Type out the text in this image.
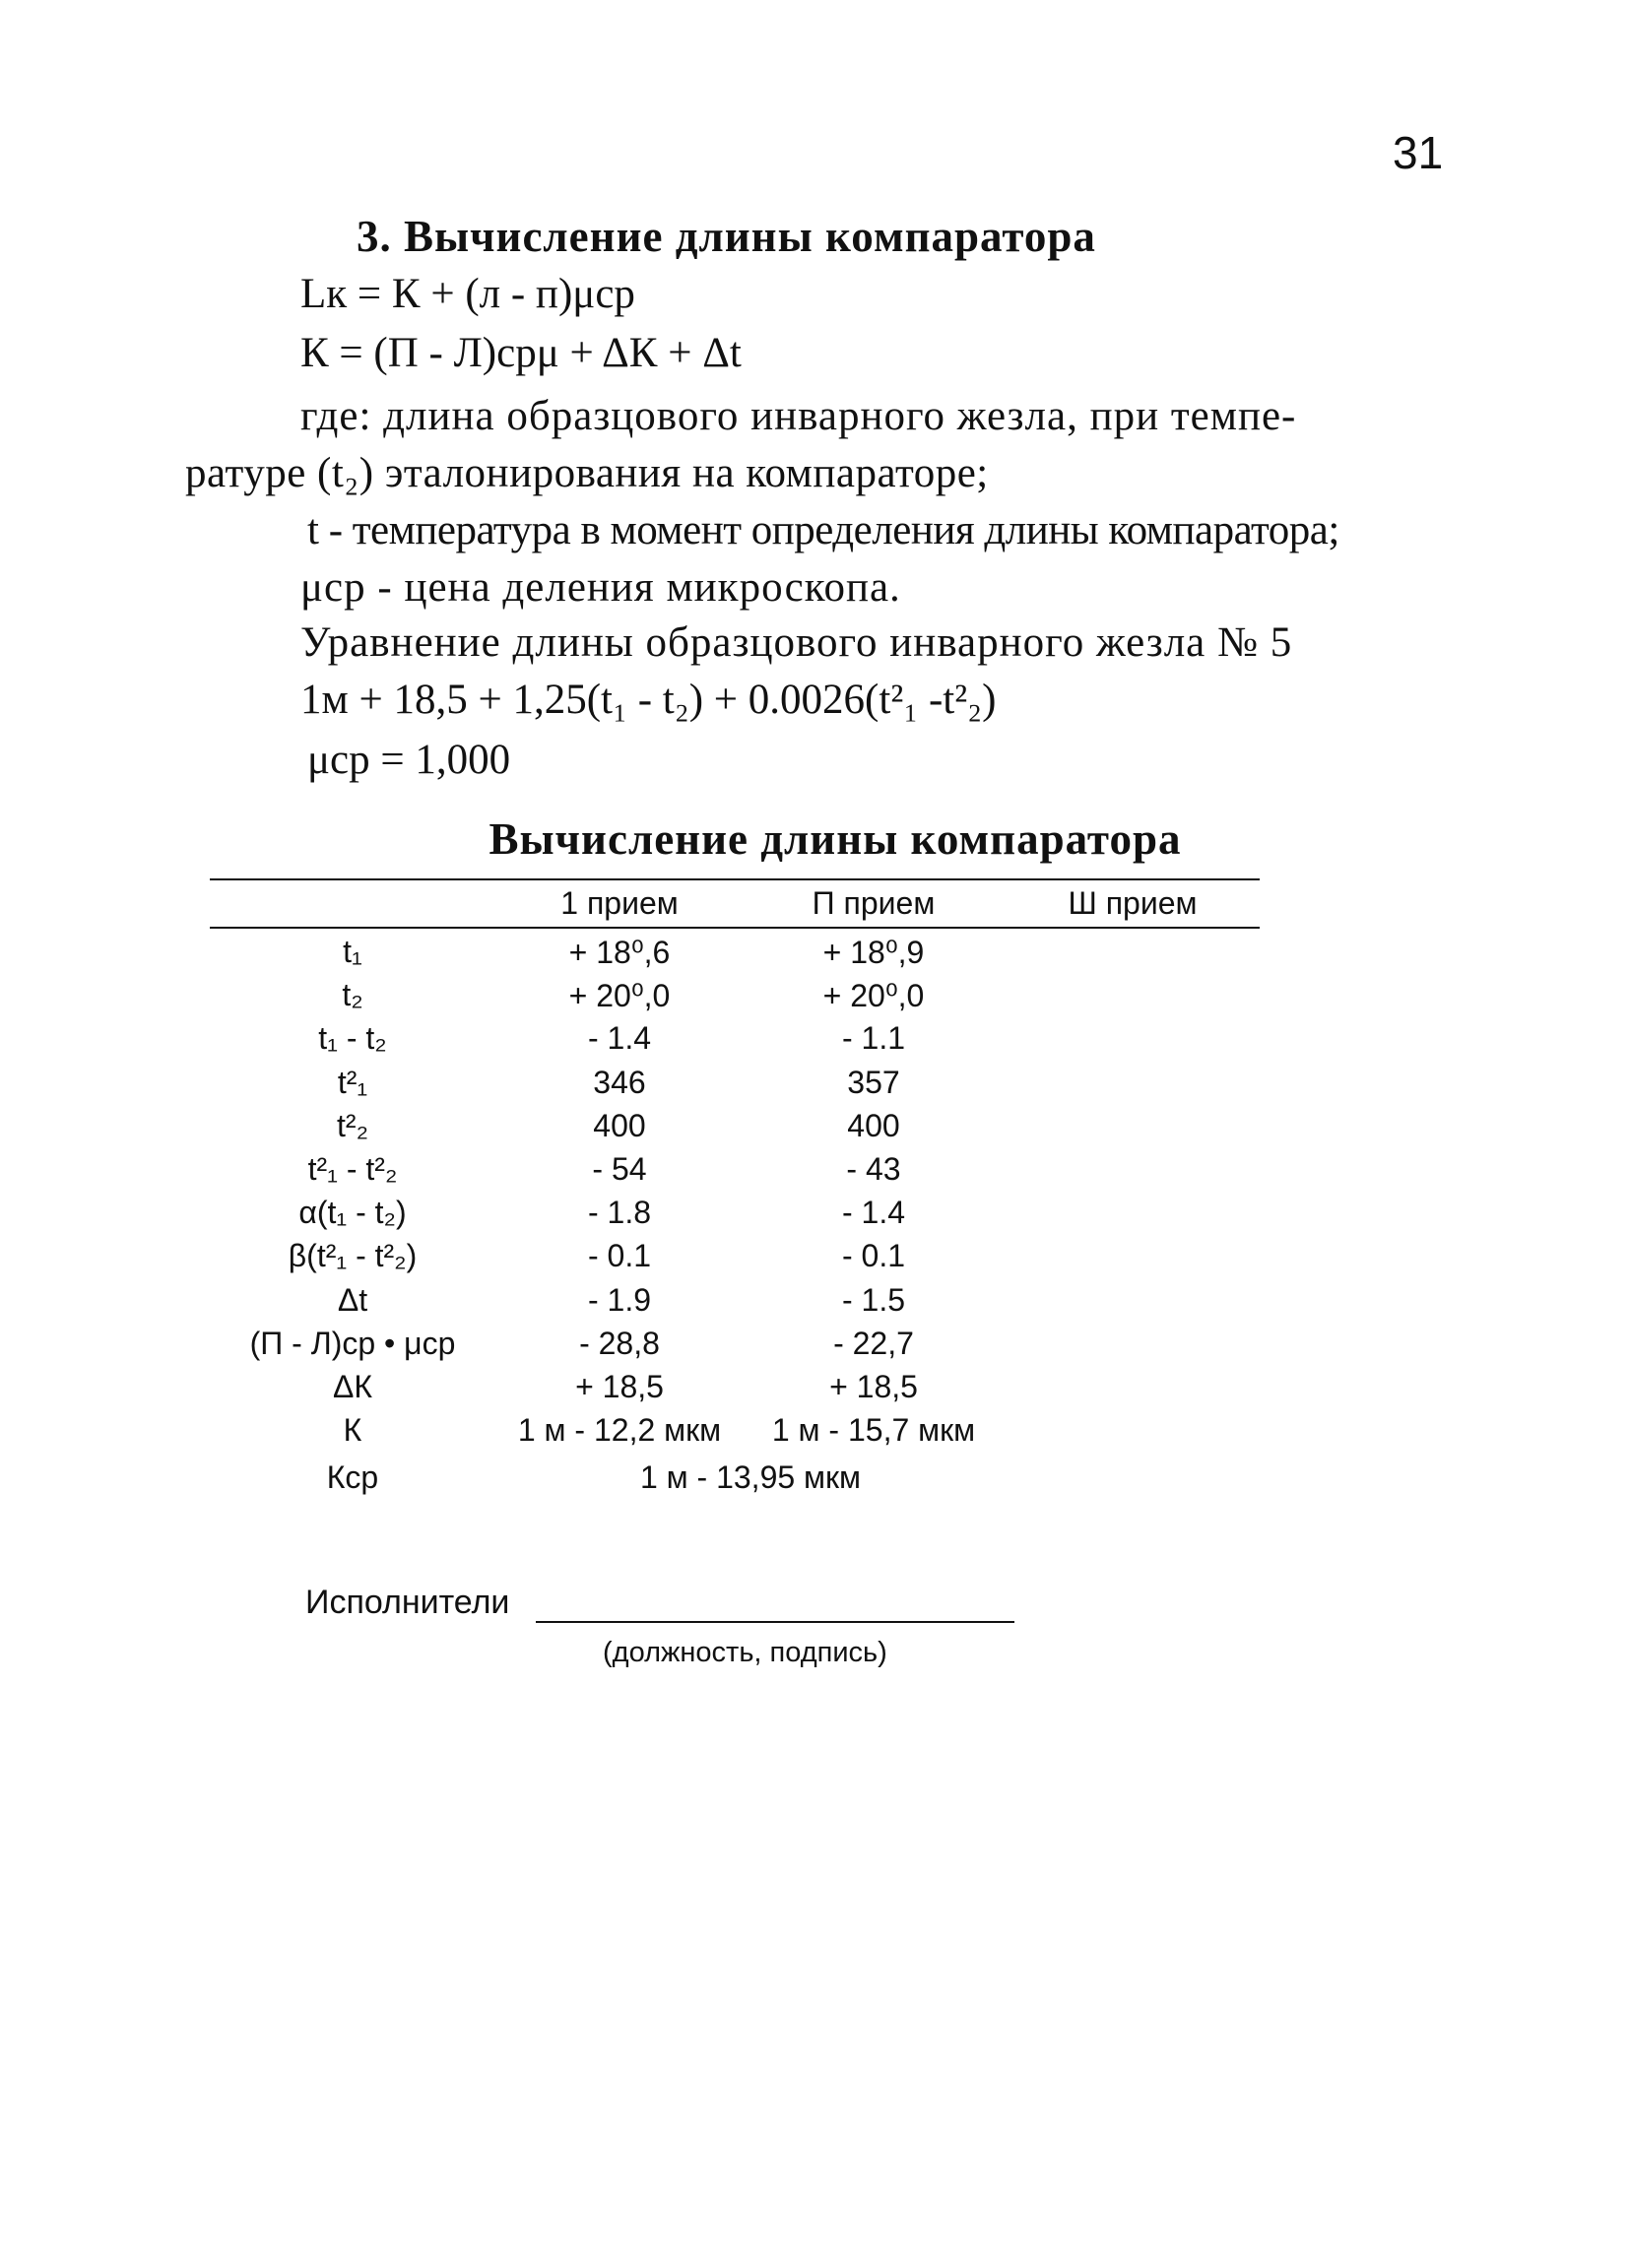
31
3. Вычисление длины компаратора
Lк = К + (л - п)μср
К = (П - Л)срμ + ΔК + Δt
где: длина образцового инварного жезла, при темпе-
ратуре (t₂) эталонирования на компараторе;
t - температура в момент определения длины компаратора;
μср - цена деления микроскопа.
Уравнение длины образцового инварного жезла № 5
1м + 18,5 + 1,25(t₁ - t₂) + 0.0026(t²₁ -t²₂)
μср = 1,000
Вычисление длины компаратора
1 прием	П прием	Ш прием
t₁	+ 18⁰,6	+ 18⁰,9
t₂	+ 20⁰,0	+ 20⁰,0
t₁ - t₂	- 1.4	- 1.1
t²₁	346	357
t²₂	400	400
t²₁ - t²₂	- 54	- 43
α(t₁ - t₂)	- 1.8	- 1.4
β(t²₁ - t²₂)	- 0.1	- 0.1
Δt	- 1.9	- 1.5
(П - Л)ср • μср	- 28,8	- 22,7
ΔК	+ 18,5	+ 18,5
К	1 м - 12,2 мкм	1 м - 15,7 мкм
Кср	1 м - 13,95 мкм
Исполнители
(должность, подпись)
